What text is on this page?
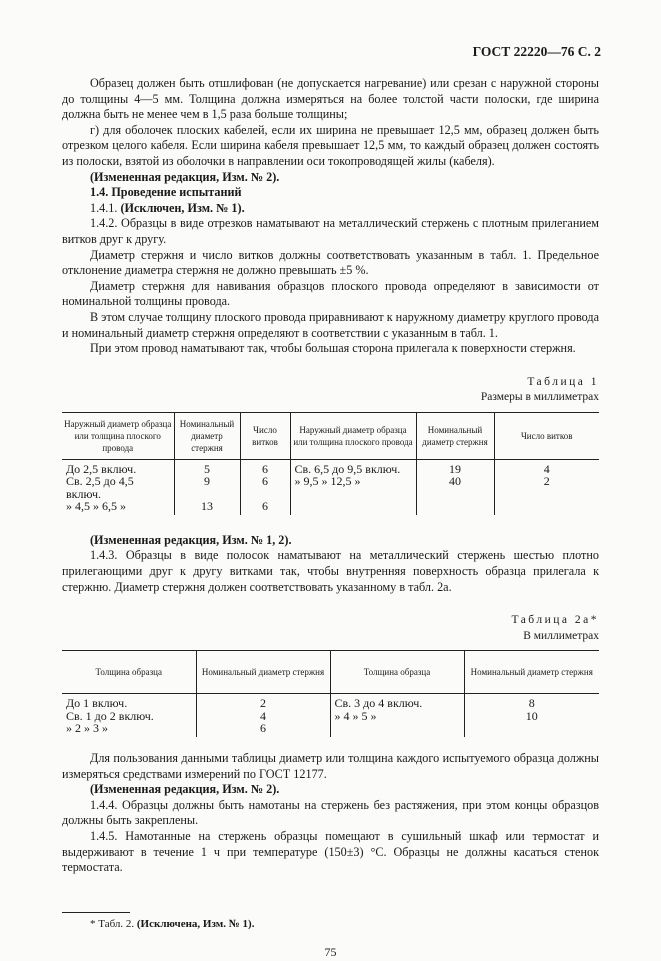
ГОСТ 22220—76 С. 2

Образец должен быть отшлифован (не допускается нагревание) или срезан с наружной стороны до толщины 4—5 мм. Толщина должна измеряться на более толстой части полоски, где ширина должна быть не менее чем в 1,5 раза больше толщины;

г) для оболочек плоских кабелей, если их ширина не превышает 12,5 мм, образец должен быть отрезком целого кабеля. Если ширина кабеля превышает 12,5 мм, то каждый образец должен состоять из полоски, взятой из оболочки в направлении оси токопроводящей жилы (кабеля).

(Измененная редакция, Изм. № 2).

1.4. Проведение испытаний

1.4.1. (Исключен, Изм. № 1).

1.4.2. Образцы в виде отрезков наматывают на металлический стержень с плотным прилеганием витков друг к другу.

Диаметр стержня и число витков должны соответствовать указанным в табл. 1. Предельное отклонение диаметра стержня не должно превышать ±5 %.

Диаметр стержня для навивания образцов плоского провода определяют в зависимости от номинальной толщины провода.

В этом случае толщину плоского провода приравнивают к наружному диаметру круглого провода и номинальный диаметр стержня определяют в соответствии с указанным в табл. 1.

При этом провод наматывают так, чтобы большая сторона прилегала к поверхности стержня.

Таблица 1
Размеры в миллиметрах
Наружный диаметр образца или толщина плоского провода	Номинальный диаметр стержня	Число витков	Наружный диаметр образца или толщина плоского провода	Номинальный диаметр стержня	Число витков
До 2,5 включ.	5	6	Св. 6,5 до 9,5 включ.	19	4
Св. 2,5 до 4,5 включ.	9	6	» 9,5 » 12,5 »	40	2
» 4,5 » 6,5 »	13	6			

(Измененная редакция, Изм. № 1, 2).

1.4.3. Образцы в виде полосок наматывают на металлический стержень шестью плотно прилегающими друг к другу витками так, чтобы внутренняя поверхность образца прилегала к стержню. Диаметр стержня должен соответствовать указанному в табл. 2а.

Таблица 2а*
В миллиметрах
Толщина образца	Номинальный диаметр стержня	Толщина образца	Номинальный диаметр стержня
До 1 включ.	2	Св. 3 до 4 включ.	8
Св. 1 до 2 включ.	4	» 4 » 5 »	10
» 2 » 3 »	6		

Для пользования данными таблицы диаметр или толщина каждого испытуемого образца должны измеряться средствами измерений по ГОСТ 12177.

(Измененная редакция, Изм. № 2).

1.4.4. Образцы должны быть намотаны на стержень без растяжения, при этом концы образцов должны быть закреплены.

1.4.5. Намотанные на стержень образцы помещают в сушильный шкаф или термостат и выдерживают в течение 1 ч при температуре (150±3) °С. Образцы не должны касаться стенок термостата.

* Табл. 2. (Исключена, Изм. № 1).
75
